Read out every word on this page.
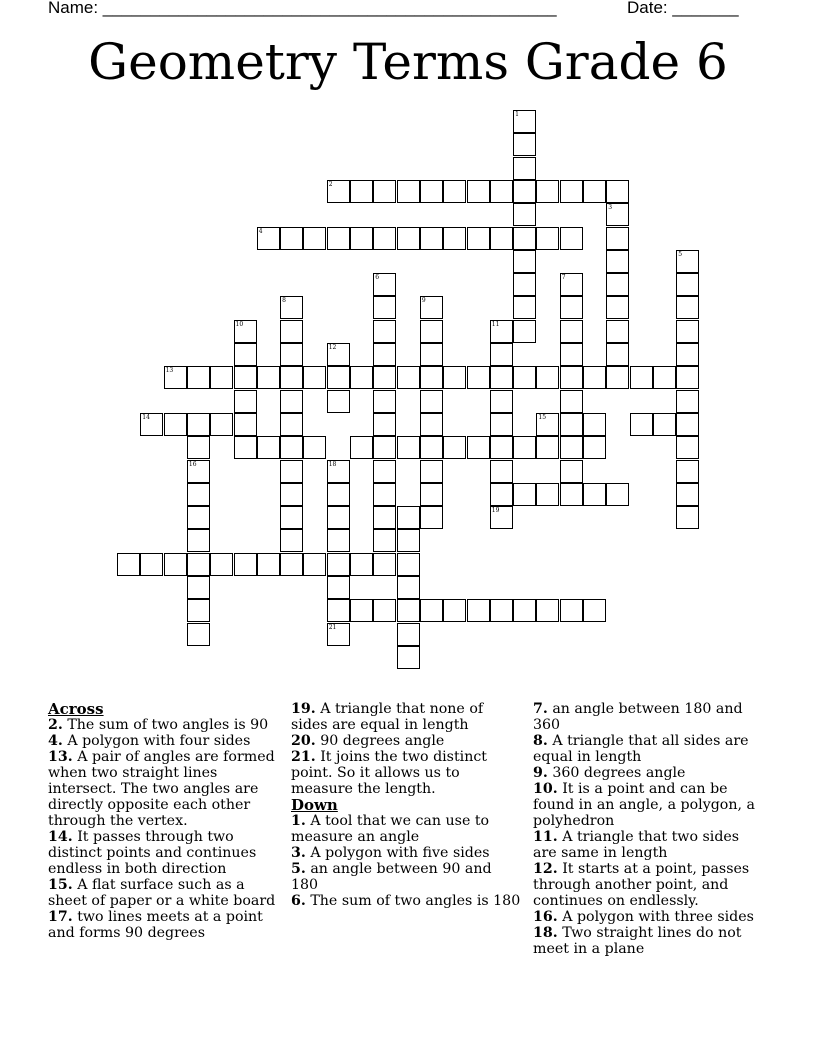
Name: ________________________________________________	Date: _______
Geometry Terms Grade 6
1
2
3
4
5
6	7
8	9
10	11
19
12
13
14	15
16	18
21
Across
2. The sum of two angles is 90
4. A polygon with four sides
13. A pair of angles are formed when two straight lines intersect. The two angles are directly opposite each other through the vertex.
14. It passes through two distinct points and continues endless in both direction
15. A flat surface such as a sheet of paper or a white board
17. two lines meets at a point and forms 90 degrees
19. A triangle that none of sides are equal in length
20. 90 degrees angle
21. It joins the two distinct point. So it allows us to measure the length.
Down
1. A tool that we can use to measure an angle
3. A polygon with five sides
5. an angle between 90 and 180
6. The sum of two angles is 180
7. an angle between 180 and 360
8. A triangle that all sides are equal in length
9. 360 degrees angle
10. It is a point and can be found in an angle, a polygon, a polyhedron
11. A triangle that two sides are same in length
12. It starts at a point, passes through another point, and continues on endlessly.
16. A polygon with three sides
18. Two straight lines do not meet in a plane
